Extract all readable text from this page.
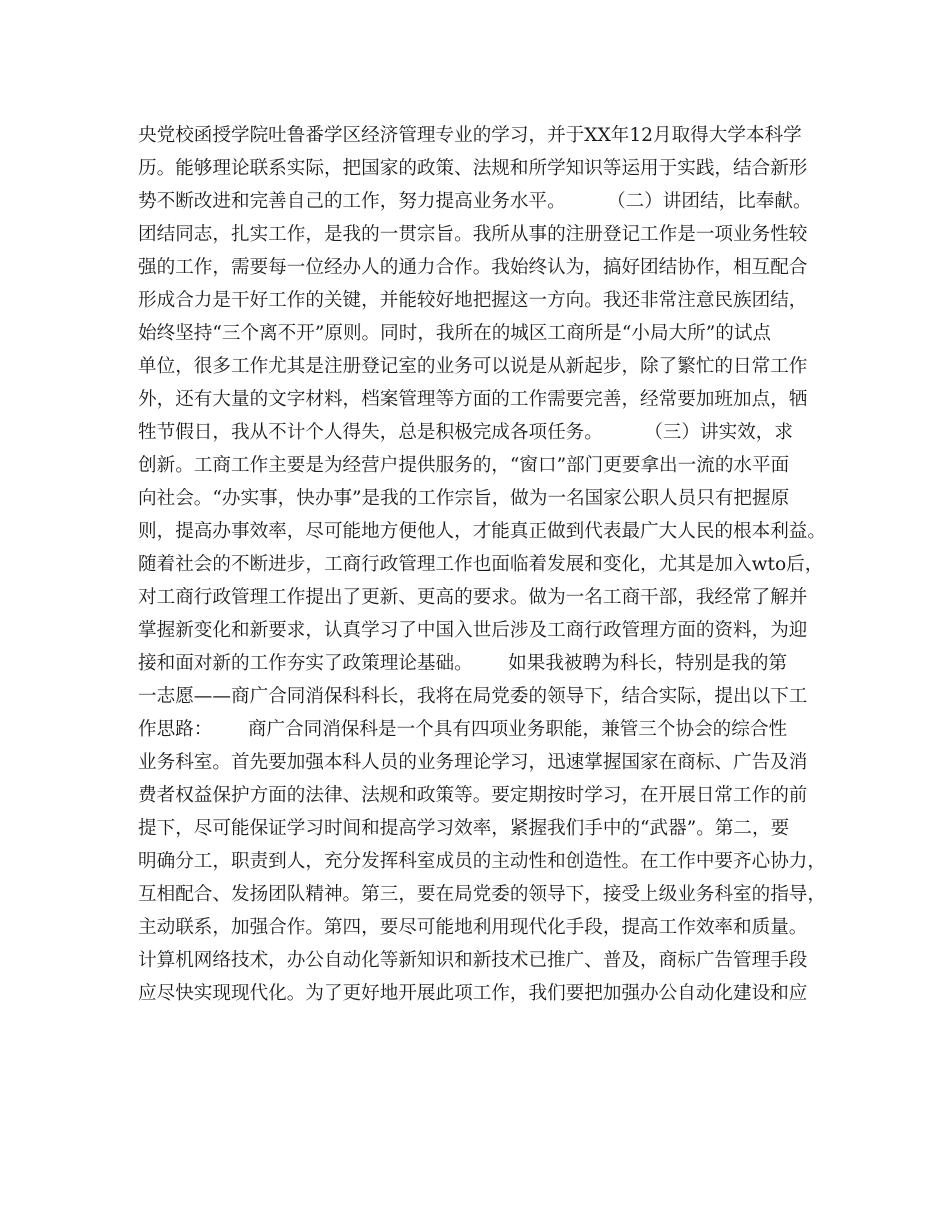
央党校函授学院吐鲁番学区经济管理专业的学习，并于XX年12月取得大学本科学
历。能够理论联系实际，把国家的政策、法规和所学知识等运用于实践，结合新形
势不断改进和完善自己的工作，努力提高业务水平。       （二）讲团结，比奉献。
团结同志，扎实工作，是我的一贯宗旨。我所从事的注册登记工作是一项业务性较
强的工作，需要每一位经办人的通力合作。我始终认为，搞好团结协作，相互配合
形成合力是干好工作的关键，并能较好地把握这一方向。我还非常注意民族团结，
始终坚持“三个离不开”原则。同时，我所在的城区工商所是“小局大所”的试点
单位，很多工作尤其是注册登记室的业务可以说是从新起步，除了繁忙的日常工作
外，还有大量的文字材料，档案管理等方面的工作需要完善，经常要加班加点，牺
牲节假日，我从不计个人得失，总是积极完成各项任务。       （三）讲实效，求
创新。工商工作主要是为经营户提供服务的，“窗口”部门更要拿出一流的水平面
向社会。“办实事，快办事”是我的工作宗旨，做为一名国家公职人员只有把握原
则，提高办事效率，尽可能地方便他人，才能真正做到代表最广大人民的根本利益。
随着社会的不断进步，工商行政管理工作也面临着发展和变化，尤其是加入wto后，
对工商行政管理工作提出了更新、更高的要求。做为一名工商干部，我经常了解并
掌握新变化和新要求，认真学习了中国入世后涉及工商行政管理方面的资料，为迎
接和面对新的工作夯实了政策理论基础。      如果我被聘为科长，特别是我的第
一志愿——商广合同消保科科长，我将在局党委的领导下，结合实际，提出以下工
作思路：      商广合同消保科是一个具有四项业务职能，兼管三个协会的综合性
业务科室。首先要加强本科人员的业务理论学习，迅速掌握国家在商标、广告及消
费者权益保护方面的法律、法规和政策等。要定期按时学习，在开展日常工作的前
提下，尽可能保证学习时间和提高学习效率，紧握我们手中的“武器”。第二，要
明确分工，职责到人，充分发挥科室成员的主动性和创造性。在工作中要齐心协力，
互相配合、发扬团队精神。第三，要在局党委的领导下，接受上级业务科室的指导，
主动联系，加强合作。第四，要尽可能地利用现代化手段，提高工作效率和质量。
计算机网络技术，办公自动化等新知识和新技术已推广、普及，商标广告管理手段
应尽快实现现代化。为了更好地开展此项工作，我们要把加强办公自动化建设和应
